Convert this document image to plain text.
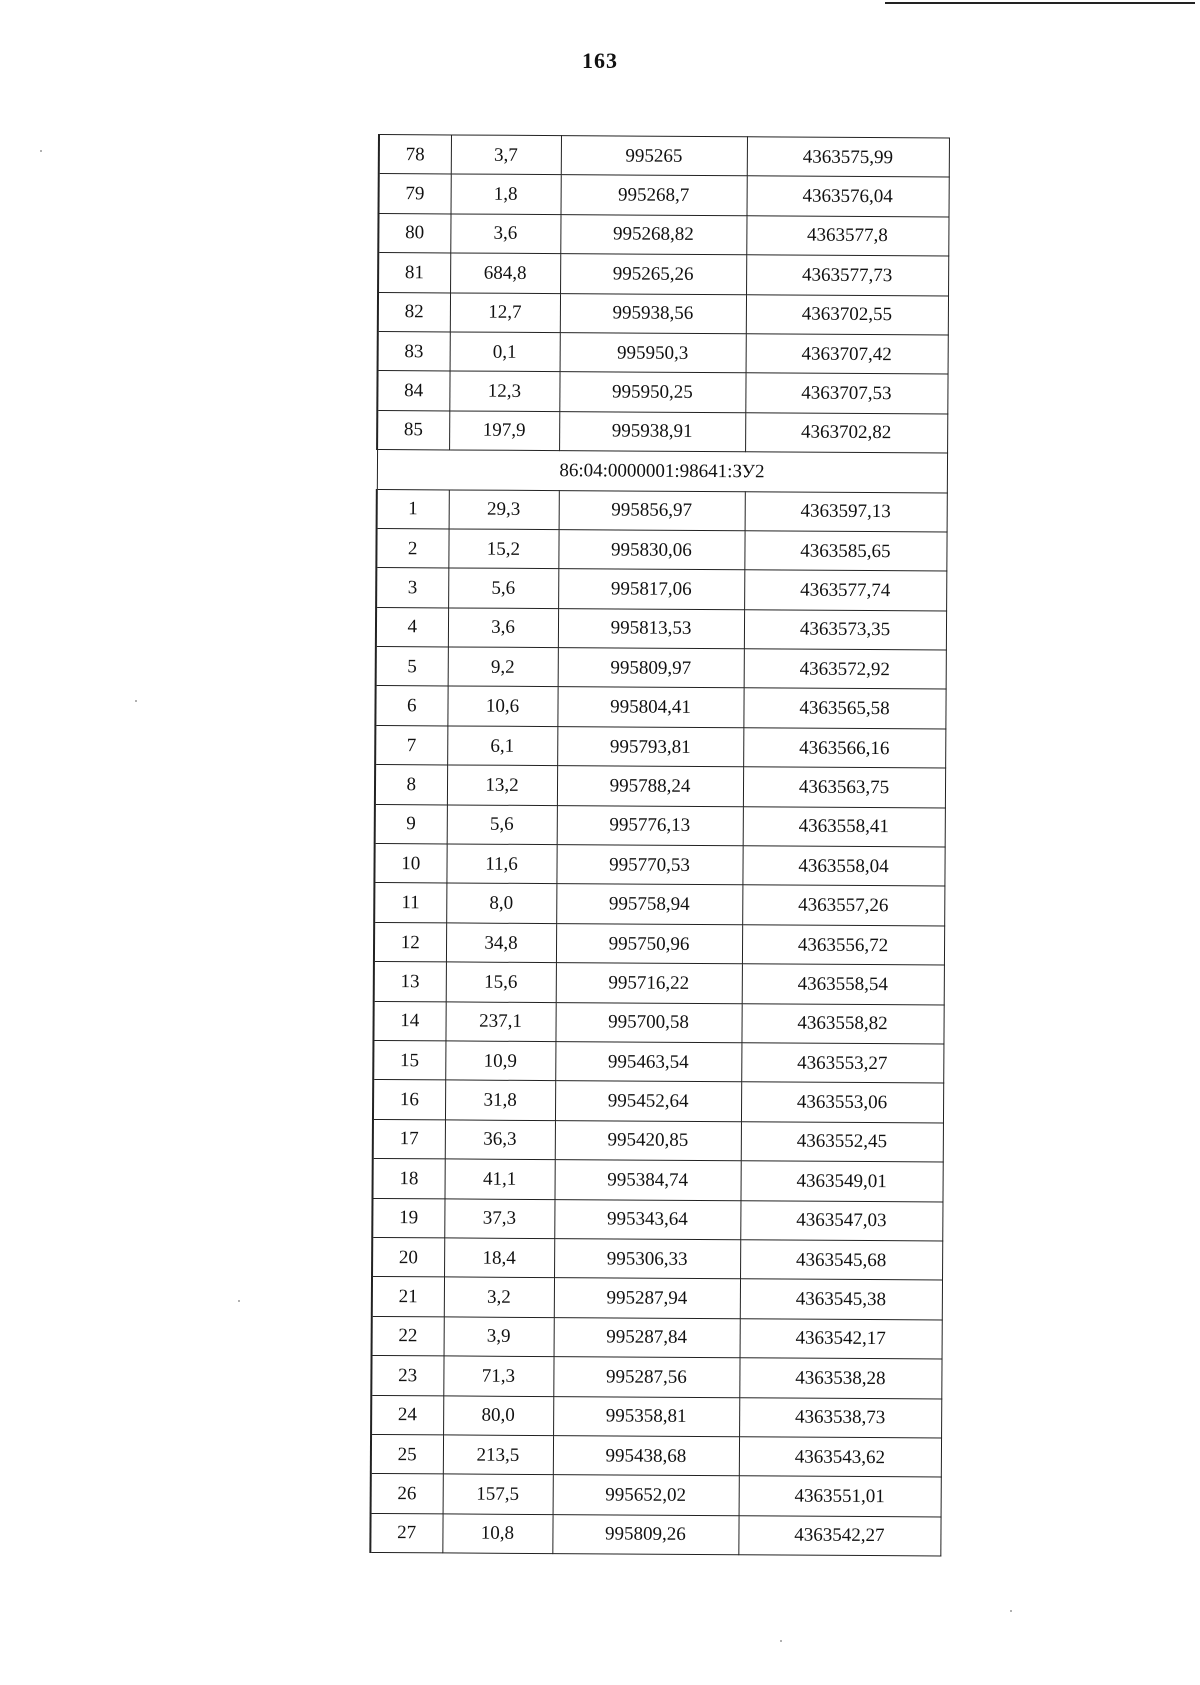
163
78	3,7	995265	4363575,99
79	1,8	995268,7	4363576,04
80	3,6	995268,82	4363577,8
81	684,8	995265,26	4363577,73
82	12,7	995938,56	4363702,55
83	0,1	995950,3	4363707,42
84	12,3	995950,25	4363707,53
85	197,9	995938,91	4363702,82
86:04:0000001:98641:ЗУ2			
1	29,3	995856,97	4363597,13
2	15,2	995830,06	4363585,65
3	5,6	995817,06	4363577,74
4	3,6	995813,53	4363573,35
5	9,2	995809,97	4363572,92
6	10,6	995804,41	4363565,58
7	6,1	995793,81	4363566,16
8	13,2	995788,24	4363563,75
9	5,6	995776,13	4363558,41
10	11,6	995770,53	4363558,04
11	8,0	995758,94	4363557,26
12	34,8	995750,96	4363556,72
13	15,6	995716,22	4363558,54
14	237,1	995700,58	4363558,82
15	10,9	995463,54	4363553,27
16	31,8	995452,64	4363553,06
17	36,3	995420,85	4363552,45
18	41,1	995384,74	4363549,01
19	37,3	995343,64	4363547,03
20	18,4	995306,33	4363545,68
21	3,2	995287,94	4363545,38
22	3,9	995287,84	4363542,17
23	71,3	995287,56	4363538,28
24	80,0	995358,81	4363538,73
25	213,5	995438,68	4363543,62
26	157,5	995652,02	4363551,01
27	10,8	995809,26	4363542,27
